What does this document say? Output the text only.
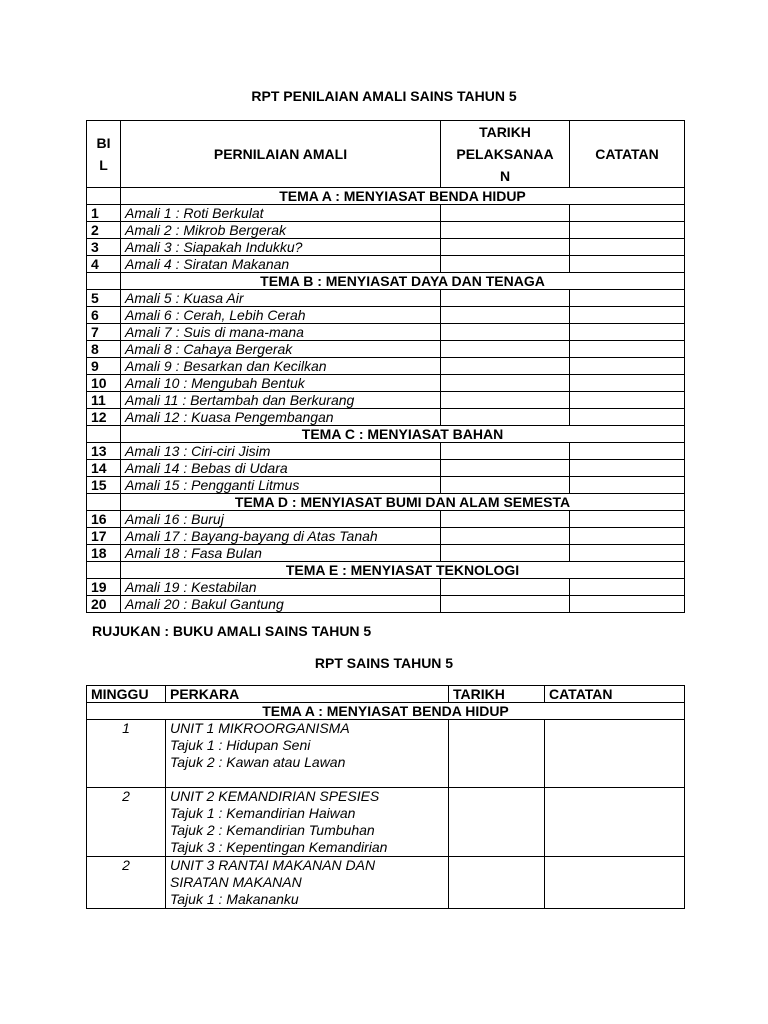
RPT PENILAIAN AMALI SAINS TAHUN 5
BI
L	PERNILAIAN AMALI	TARIKH
PELAKSANAA
N	CATATAN
	TEMA A : MENYIASAT BENDA HIDUP		
1	Amali 1 : Roti Berkulat		
2	Amali 2 : Mikrob Bergerak		
3	Amali 3 : Siapakah Indukku?		
4	Amali 4 : Siratan Makanan		
	TEMA B : MENYIASAT DAYA DAN TENAGA		
5	Amali 5 : Kuasa Air		
6	Amali 6 : Cerah, Lebih Cerah		
7	Amali 7 : Suis di mana-mana		
8	Amali 8 : Cahaya Bergerak		
9	Amali 9 : Besarkan dan Kecilkan		
10	Amali 10 : Mengubah Bentuk		
11	Amali 11 : Bertambah dan Berkurang		
12	Amali 12 : Kuasa Pengembangan		
	TEMA C : MENYIASAT BAHAN		
13	Amali 13 : Ciri-ciri Jisim		
14	Amali 14 : Bebas di Udara		
15	Amali 15 : Pengganti Litmus		
	TEMA D : MENYIASAT BUMI DAN ALAM SEMESTA		
16	Amali 16 : Buruj		
17	Amali 17 : Bayang-bayang di Atas Tanah		
18	Amali 18 : Fasa Bulan		
	TEMA E : MENYIASAT TEKNOLOGI		
19	Amali 19 : Kestabilan		
20	Amali 20 : Bakul Gantung		
RUJUKAN : BUKU AMALI SAINS TAHUN 5
RPT SAINS TAHUN 5
MINGGU	PERKARA	TARIKH	CATATAN
TEMA A : MENYIASAT BENDA HIDUP			
1	UNIT 1 MIKROORGANISMA
Tajuk 1 : Hidupan Seni
Tajuk 2 : Kawan atau Lawan		

2	UNIT 2 KEMANDIRIAN SPESIES
Tajuk 1 : Kemandirian Haiwan
Tajuk 2 : Kemandirian Tumbuhan
Tajuk 3 : Kepentingan Kemandirian		

2	UNIT 3 RANTAI MAKANAN DAN
SIRATAN MAKANAN
Tajuk 1 : Makananku		
